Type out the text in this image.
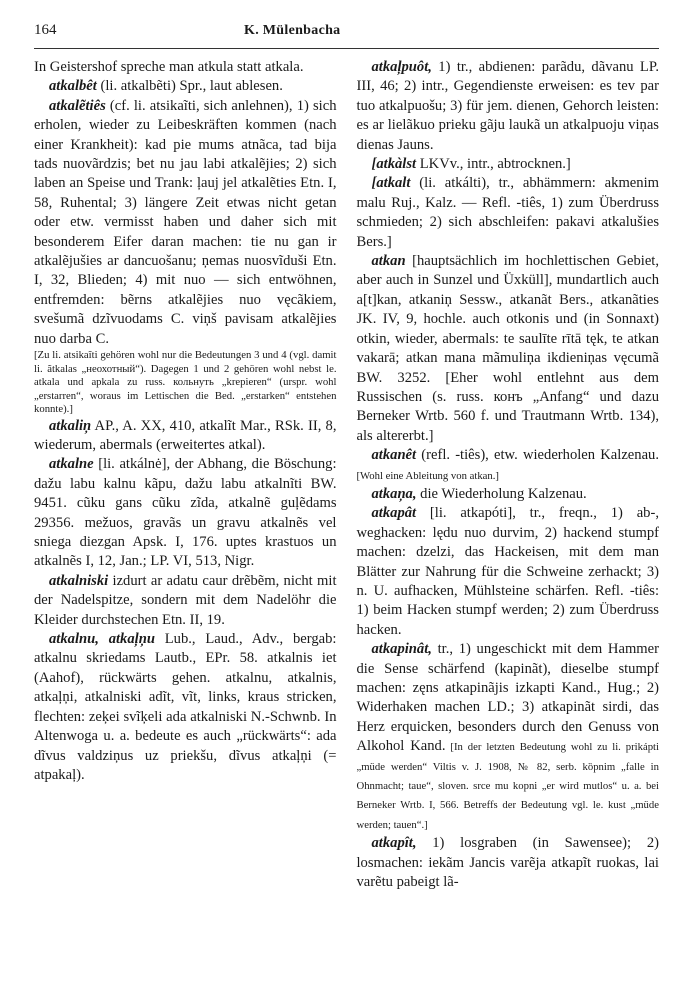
164	K. Mülenbacha

In Geistershof spreche man atkula statt atkala.

atkalbêt (li. atkalbẽti) Spr., laut ablesen.

atkalẽtiês (cf. li. atsikaĩti, sich anlehnen), 1) sich erholen, wieder zu Leibeskräften kommen (nach einer Krankheit): kad pie mums atnãca, tad bija tads nuovãrdzis; bet nu jau labi atkalẽjies; 2) sich laben an Speise und Trank: ļauj jel atkalẽties Etn. I, 58, Ruhental; 3) längere Zeit etwas nicht getan oder etw. vermisst haben und daher sich mit besonderem Eifer daran machen: tie nu gan ir atkalẽjušies ar dancuošanu; ņemas nuosvĩduši Etn. I, 32, Blieden; 4) mit nuo — sich entwöhnen, entfremden: bẽrns atkalẽjies nuo vęcãkiem, svešumã dzĩvuodams C. viņš pavisam atkalẽjies nuo darba C.

[Zu li. atsikaĩti gehören wohl nur die Bedeutungen 3 und 4 (vgl. damit li. ãtkalas „неохотный“). Dagegen 1 und 2 gehören wohl nebst le. atkala und apkala zu russ. кольнуть „krepieren“ (urspr. wohl „erstarren“, woraus im Lettischen die Bed. „erstarken“ entstehen konnte).]

atkaliņ AP., A. XX, 410, atkalĩt Mar., RSk. II, 8, wiederum, abermals (erweitertes atkal).

atkalne [li. atkálnė], der Abhang, die Böschung: dažu labu kalnu kãpu, dažu labu atkalnĩti BW. 9451. cũku gans cũku zĩda, atkalnẽ guļẽdams 29356. mežuos, gravãs un gravu atkalnẽs vel sniega diezgan Apsk. I, 176. uptes krastuos un atkalnẽs I, 12, Jan.; LP. VI, 513, Nigr.

atkalniski izdurt ar adatu caur drẽbẽm, nicht mit der Nadelspitze, sondern mit dem Nadelöhr die Kleider durchstechen Etn. II, 19.

atkalnu, atkaļņu Lub., Laud., Adv., bergab: atkalnu skriedams Lautb., EPr. 58. atkalnis iet (Aahof), rückwärts gehen. atkalnu, atkalnis, atkaļņi, atkalniski adĩt, vĩt, links, kraus stricken, flechten: zeķei svĩķeli ada atkalniski N.-Schwnb. In Altenwoga u. a. bedeute es auch „rückwärts“: ada dĩvus valdziņus uz priekšu, dĩvus atkaļņi (= atpakaļ).

atkaļpuôt, 1) tr., abdienen: parãdu, dãvanu LP. III, 46; 2) intr., Gegendienste erweisen: es tev par tuo atkalpuošu; 3) für jem. dienen, Gehorch leisten: es ar lielãkuo prieku gãju laukã un atkalpuoju viņas dienas Jauns.

[atkàlst LKVv., intr., abtrocknen.]

[atkalt (li. atkálti), tr., abhämmern: akmenim malu Ruj., Kalz. — Refl. -tiês, 1) zum Überdruss schmieden; 2) sich abschleifen: pakavi atkalušies Bers.]

atkan [hauptsächlich im hochlettischen Gebiet, aber auch in Sunzel und Üxküll], mundartlich auch a[t]kan, atkaniņ Sessw., atkanãt Bers., atkanãties JK. IV, 9, hochle. auch otkonis und (in Sonnaxt) otkin, wieder, abermals: te saulīte rītā tęk, te atkan vakarā; atkan mana mãmuliņa ikdieniņas vęcumã BW. 3252. [Eher wohl entlehnt aus dem Russischen (s. russ. конъ „Anfang“ und dazu Berneker Wrtb. 560 f. und Trautmann Wrtb. 134), als altererbt.]

atkanêt (refl. -tiês), etw. wiederholen Kalzenau. [Wohl eine Ableitung von atkan.]

atkaņa, die Wiederholung Kalzenau.

atkapât [li. atkapóti], tr., freqn., 1) ab-, weghacken: lędu nuo durvim, 2) hackend stumpf machen: dzelzi, das Hackeisen, mit dem man Blätter zur Nahrung für die Schweine zerhackt; 3) n. U. aufhacken, Mühlsteine schärfen. Refl. -tiês: 1) beim Hacken stumpf werden; 2) zum Überdruss hacken.

atkapinât, tr., 1) ungeschickt mit dem Hammer die Sense schärfend (kapinãt), dieselbe stumpf machen: zęns atkapinãjis izkapti Kand., Hug.; 2) Widerhaken machen LD.; 3) atkapinãt sirdi, das Herz erquicken, besonders durch den Genuss von Alkohol Kand. [In der letzten Bedeutung wohl zu li. prikápti „müde werden“ Viltis v. J. 1908, № 82, serb. kȍpnim „falle in Ohnmacht; taue“, sloven. srce mu kopni „er wird mutlos“ u. a. bei Berneker Wrtb. I, 566. Betreffs der Bedeutung vgl. le. kust „müde werden; tauen“.]

atkapît, 1) losgraben (in Sawensee); 2) losmachen: iekãm Jancis varẽja atkapĩt ruokas, lai varẽtu pabeigt lã-
